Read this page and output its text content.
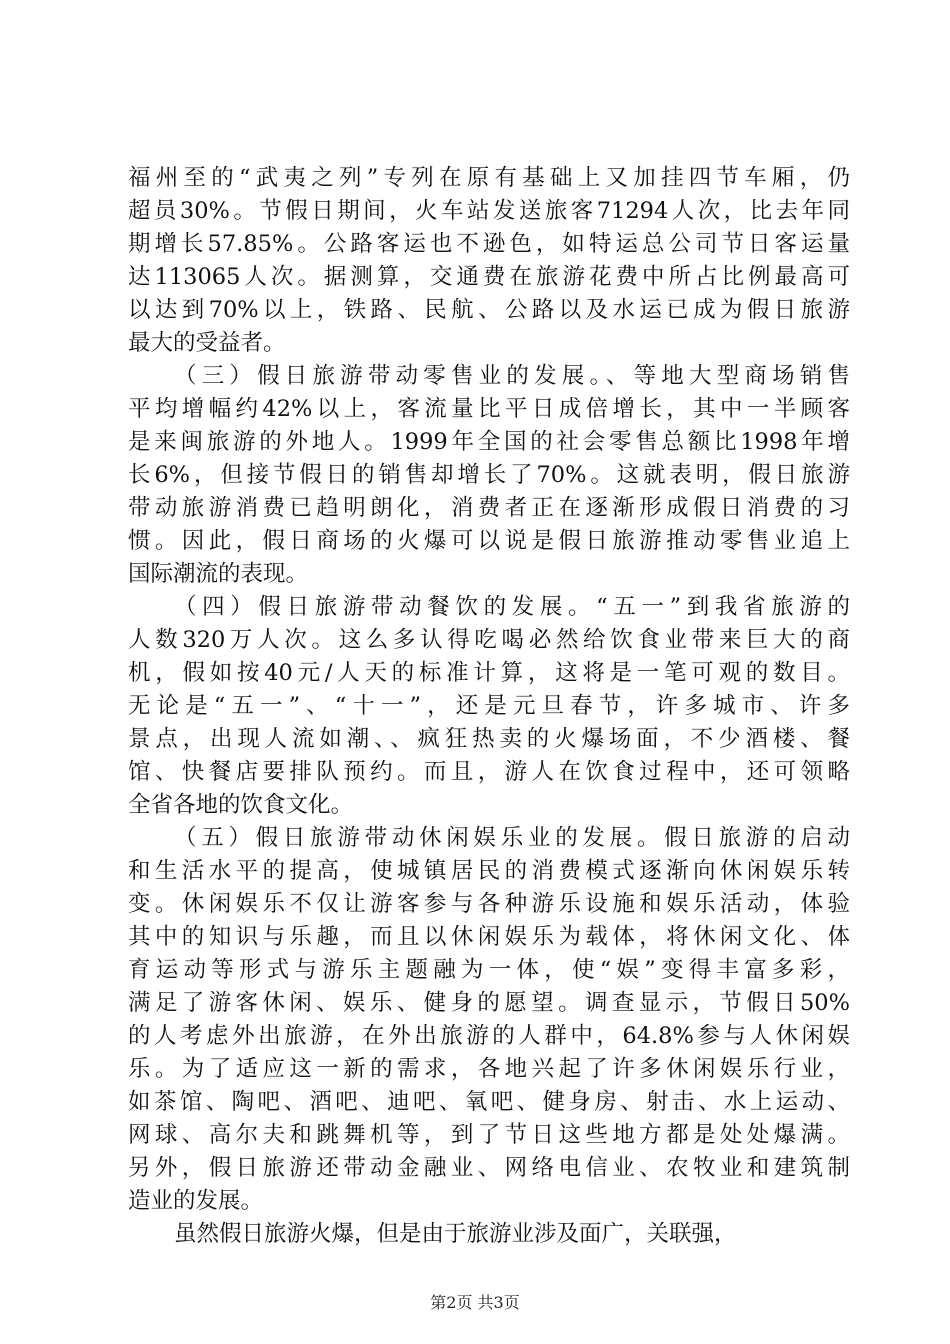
福州至的“武夷之列”专列在原有基础上又加挂四节车厢，仍
超员30%。节假日期间，火车站发送旅客71294人次，比去年同
期增长57.85%。公路客运也不逊色，如特运总公司节日客运量
达113065人次。据测算，交通费在旅游花费中所占比例最高可
以达到70%以上，铁路、民航、公路以及水运已成为假日旅游
最大的受益者。
（三）假日旅游带动零售业的发展。、等地大型商场销售
平均增幅约42%以上，客流量比平日成倍增长，其中一半顾客
是来闽旅游的外地人。1999年全国的社会零售总额比1998年增
长6%，但接节假日的销售却增长了70%。这就表明，假日旅游
带动旅游消费已趋明朗化，消费者正在逐渐形成假日消费的习
惯。因此，假日商场的火爆可以说是假日旅游推动零售业追上
国际潮流的表现。
（四）假日旅游带动餐饮的发展。“五一”到我省旅游的
人数320万人次。这么多认得吃喝必然给饮食业带来巨大的商
机，假如按40元/人天的标准计算，这将是一笔可观的数目。
无论是“五一”、“十一”，还是元旦春节，许多城市、许多
景点，出现人流如潮、、疯狂热卖的火爆场面，不少酒楼、餐
馆、快餐店要排队预约。而且，游人在饮食过程中，还可领略
全省各地的饮食文化。
（五）假日旅游带动休闲娱乐业的发展。假日旅游的启动
和生活水平的提高，使城镇居民的消费模式逐渐向休闲娱乐转
变。休闲娱乐不仅让游客参与各种游乐设施和娱乐活动，体验
其中的知识与乐趣，而且以休闲娱乐为载体，将休闲文化、体
育运动等形式与游乐主题融为一体，使“娱”变得丰富多彩，
满足了游客休闲、娱乐、健身的愿望。调查显示，节假日50%
的人考虑外出旅游，在外出旅游的人群中，64.8%参与人休闲娱
乐。为了适应这一新的需求，各地兴起了许多休闲娱乐行业，
如茶馆、陶吧、酒吧、迪吧、氧吧、健身房、射击、水上运动、
网球、高尔夫和跳舞机等，到了节日这些地方都是处处爆满。
另外，假日旅游还带动金融业、网络电信业、农牧业和建筑制
造业的发展。
虽然假日旅游火爆，但是由于旅游业涉及面广，关联强，
第2页 共3页
